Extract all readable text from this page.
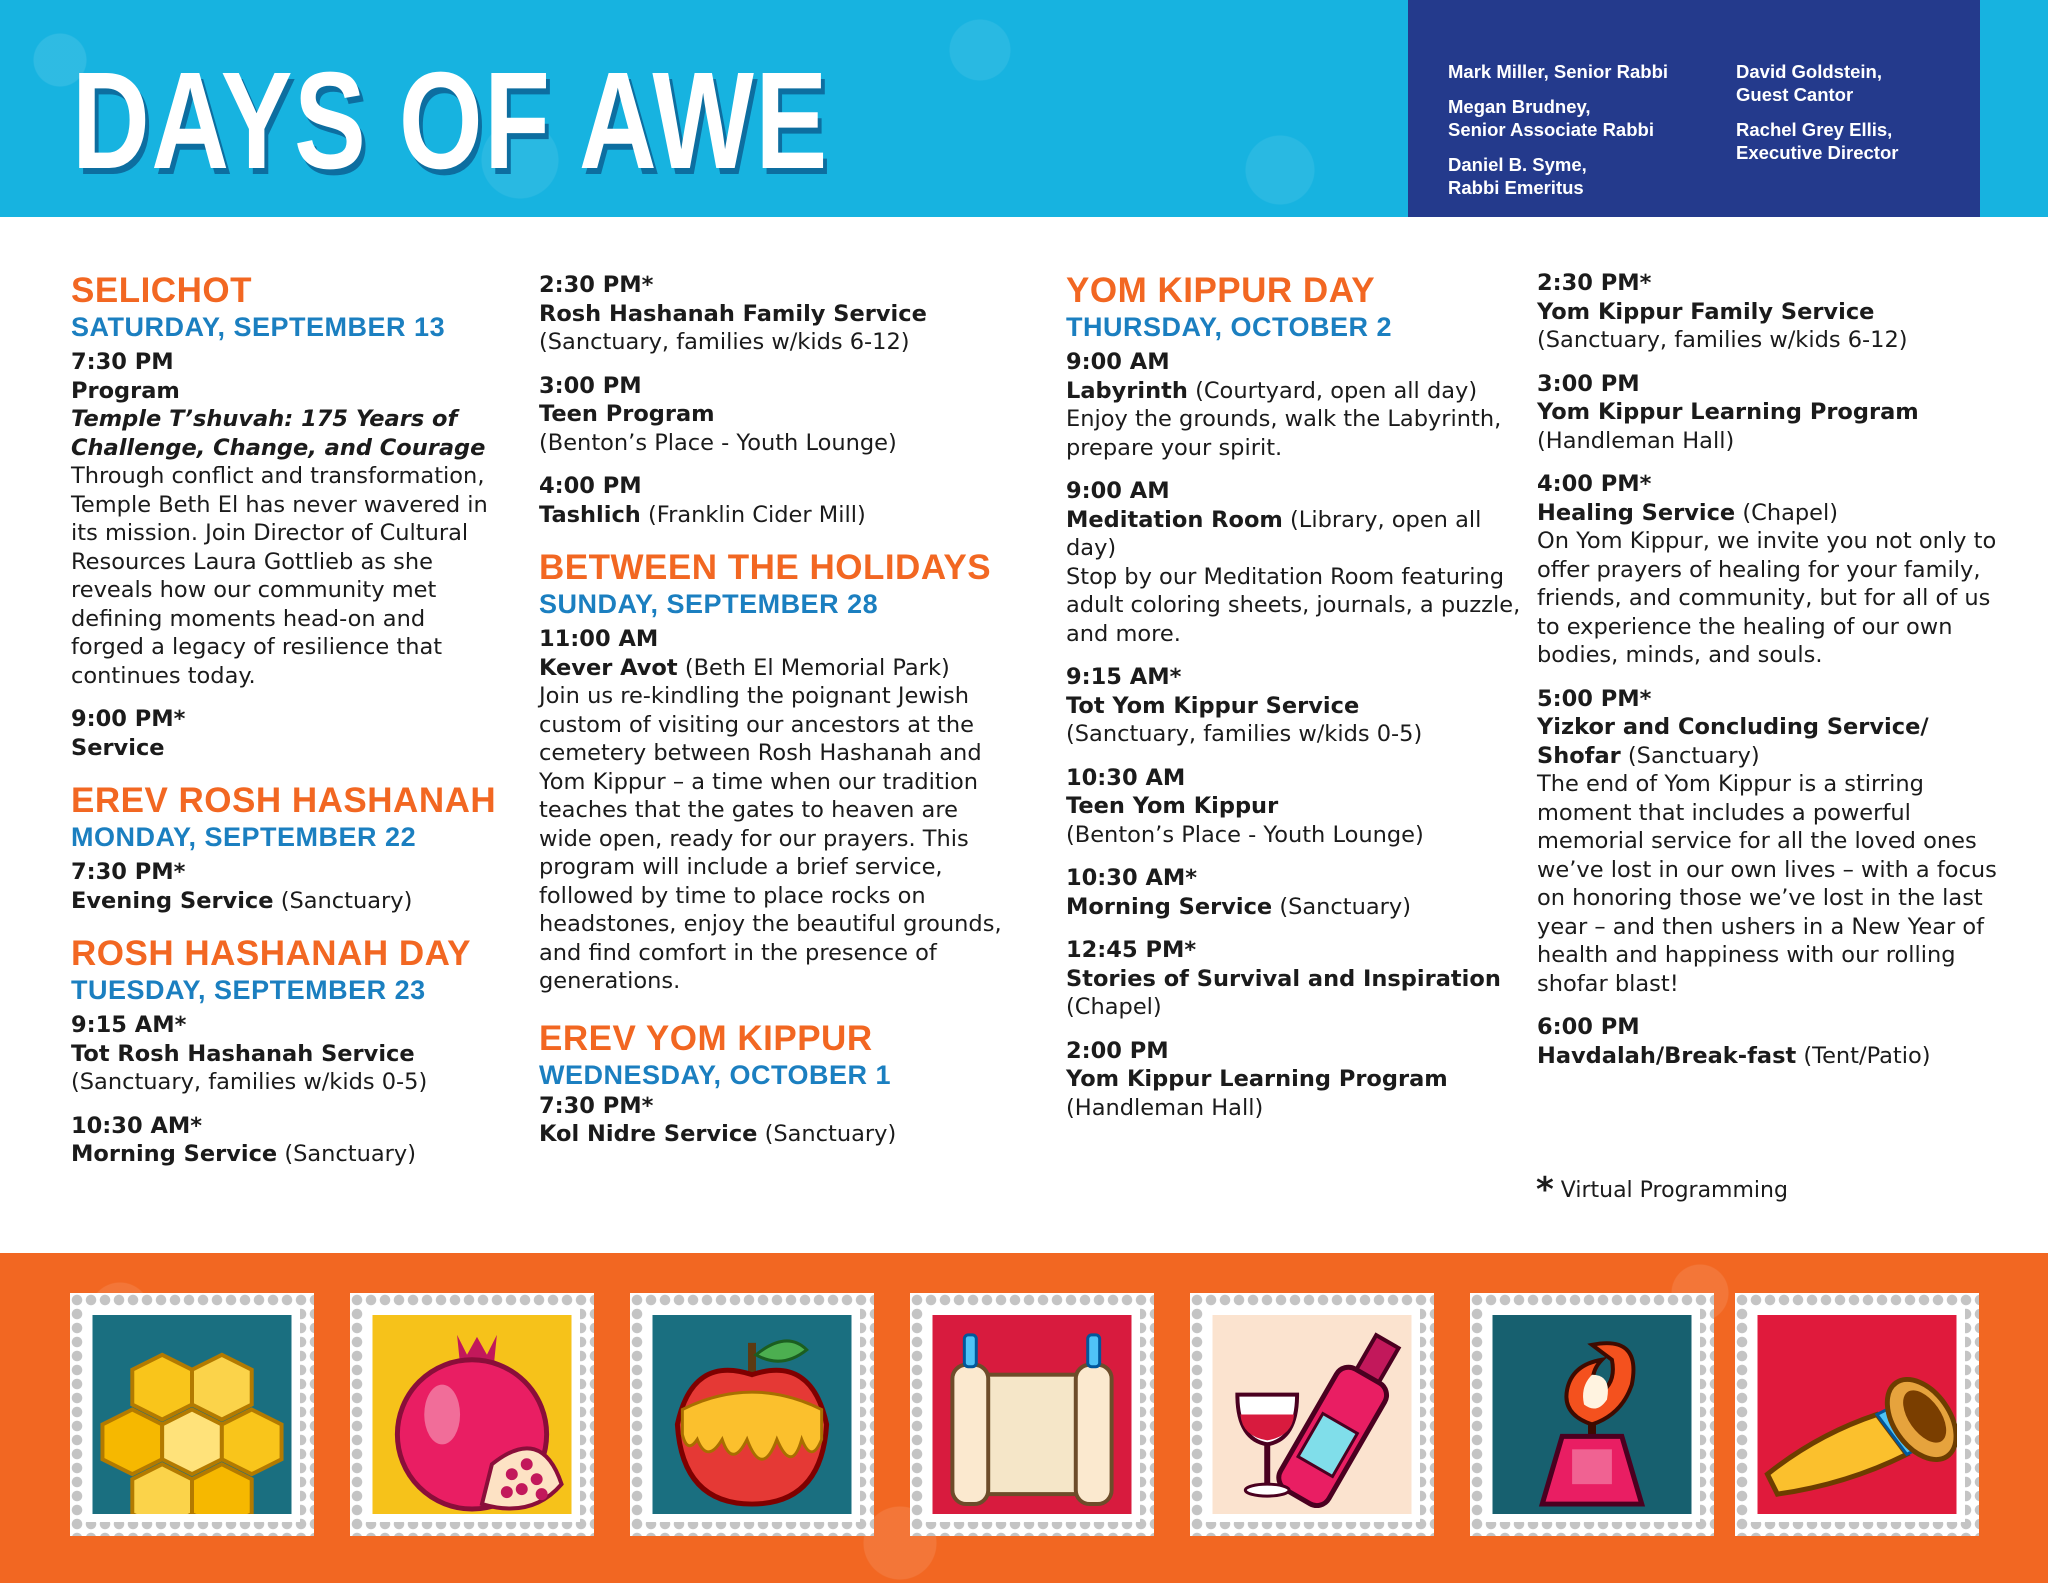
DAYS OF AWE	Mark Miller, Senior Rabbi
Megan Brudney,
Senior Associate Rabbi
Daniel B. Syme,
Rabbi Emeritus
David Goldstein,
Guest Cantor
Rachel Grey Ellis,
Executive Director
SELICHOT
SATURDAY, SEPTEMBER 13
7:30 PM
Program
Temple T’shuvah: 175 Years of Challenge, Change, and Courage
Through conflict and transformation, Temple Beth El has never wavered in its mission. Join Director of Cultural Resources Laura Gottlieb as she reveals how our community met defining moments head-on and forged a legacy of resilience that continues today.
9:00 PM*
Service
EREV ROSH HASHANAH
MONDAY, SEPTEMBER 22
7:30 PM*
Evening Service (Sanctuary)
ROSH HASHANAH DAY
TUESDAY, SEPTEMBER 23
9:15 AM*
Tot Rosh Hashanah Service
(Sanctuary, families w/kids 0-5)
10:30 AM*
Morning Service (Sanctuary)
2:30 PM*
Rosh Hashanah Family Service
(Sanctuary, families w/kids 6-12)
3:00 PM
Teen Program
(Benton’s Place - Youth Lounge)
4:00 PM
Tashlich (Franklin Cider Mill)
BETWEEN THE HOLIDAYS
SUNDAY, SEPTEMBER 28
11:00 AM
Kever Avot (Beth El Memorial Park)
Join us re-kindling the poignant Jewish custom of visiting our ancestors at the cemetery between Rosh Hashanah and Yom Kippur – a time when our tradition teaches that the gates to heaven are wide open, ready for our prayers. This program will include a brief service, followed by time to place rocks on headstones, enjoy the beautiful grounds, and find comfort in the presence of generations.
EREV YOM KIPPUR
WEDNESDAY, OCTOBER 1
7:30 PM*
Kol Nidre Service (Sanctuary)
YOM KIPPUR DAY
THURSDAY, OCTOBER 2
9:00 AM
Labyrinth (Courtyard, open all day)
Enjoy the grounds, walk the Labyrinth, prepare your spirit.
9:00 AM
Meditation Room (Library, open all day)
Stop by our Meditation Room featuring adult coloring sheets, journals, a puzzle, and more.
9:15 AM*
Tot Yom Kippur Service
(Sanctuary, families w/kids 0-5)
10:30 AM
Teen Yom Kippur
(Benton’s Place - Youth Lounge)
10:30 AM*
Morning Service (Sanctuary)
12:45 PM*
Stories of Survival and Inspiration
(Chapel)
2:00 PM
Yom Kippur Learning Program
(Handleman Hall)
2:30 PM*
Yom Kippur Family Service
(Sanctuary, families w/kids 6-12)
3:00 PM
Yom Kippur Learning Program
(Handleman Hall)
4:00 PM*
Healing Service (Chapel)
On Yom Kippur, we invite you not only to offer prayers of healing for your family, friends, and community, but for all of us to experience the healing of our own bodies, minds, and souls.
5:00 PM*
Yizkor and Concluding Service/ Shofar (Sanctuary)
The end of Yom Kippur is a stirring moment that includes a powerful memorial service for all the loved ones we’ve lost in our own lives – with a focus on honoring those we’ve lost in the last year – and then ushers in a New Year of health and happiness with our rolling shofar blast!
6:00 PM
Havdalah/Break-fast (Tent/Patio)
* Virtual Programming
